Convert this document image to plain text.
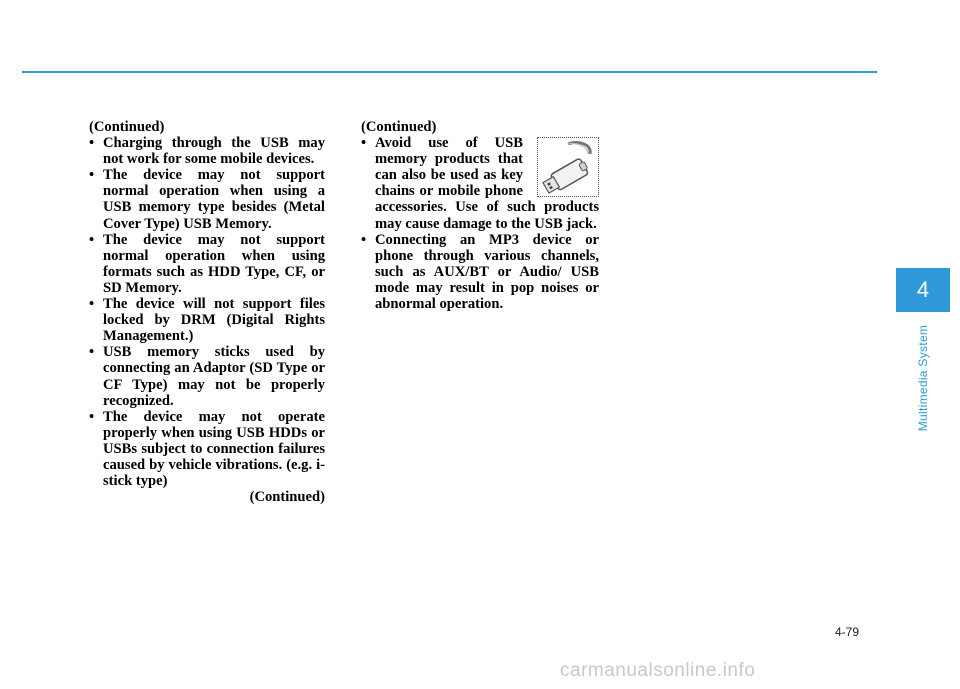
(Continued)
• Charging through the USB may not work for some mobile devices.
• The device may not support normal operation when using a USB memory type besides (Metal Cover Type) USB Memory.
• The device may not support normal operation when using formats such as HDD Type, CF, or SD Memory.
• The device will not support files locked by DRM (Digital Rights Management.)
• USB memory sticks used by connecting an Adaptor (SD Type or CF Type) may not be properly recognized.
• The device may not operate properly when using USB HDDs or USBs subject to connection failures caused by vehicle vibrations. (e.g. i-stick type)
(Continued)
(Continued)
• Avoid use of USB memory products that can also be used as key chains or mobile phone accessories. Use of such products may cause damage to the USB jack.
• Connecting an MP3 device or phone through various channels, such as AUX/BT or Audio/ USB mode may result in pop noises or abnormal operation.
4
Multimedia System
4-79
carmanualsonline.info
